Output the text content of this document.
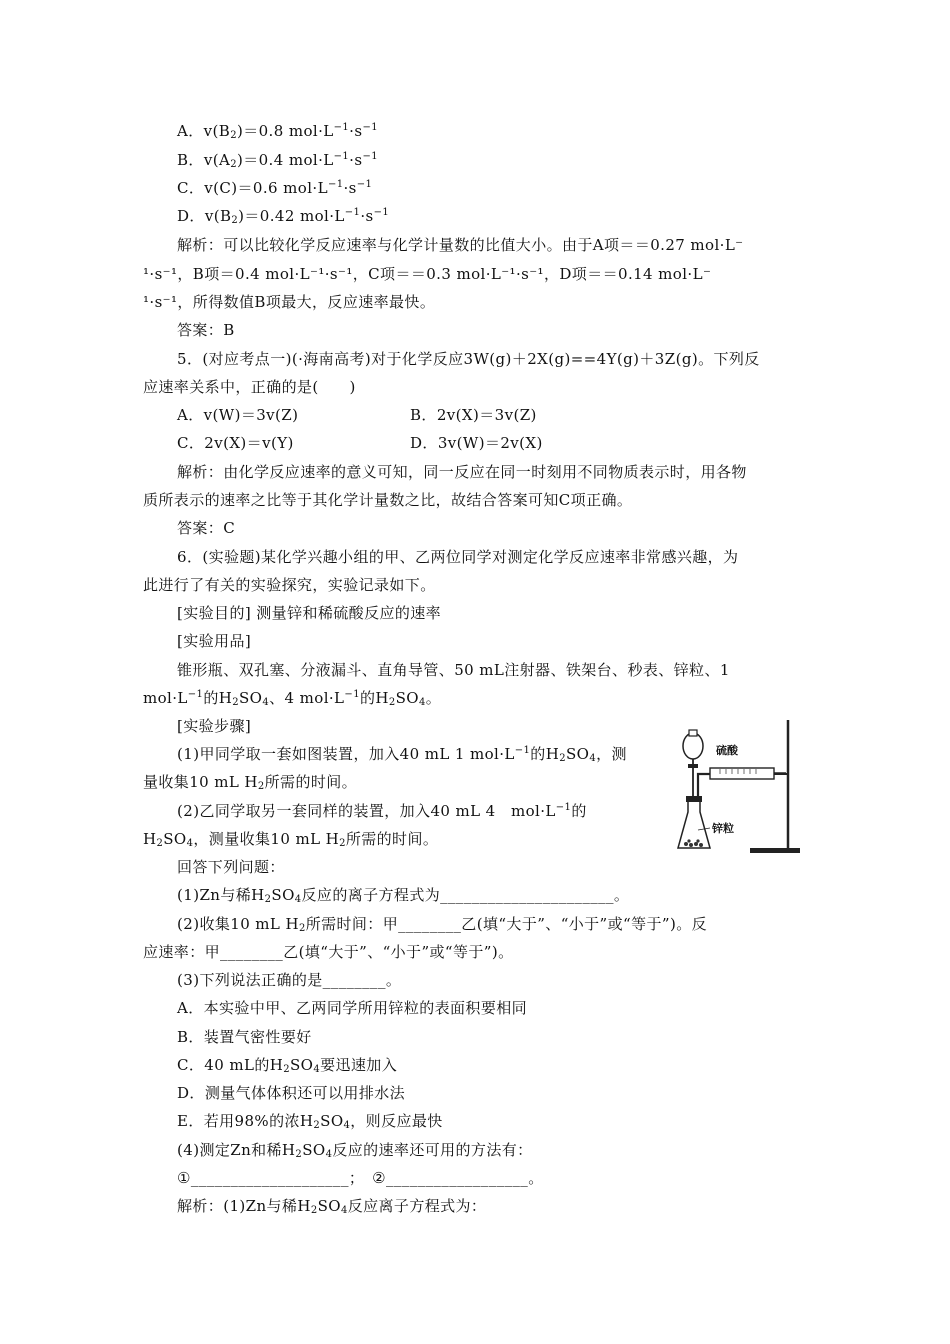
A．$v(B_2)=0.8$ $mol\cdot L^{-1}\cdot s^{-1}$
B．$v(A_2)=0.4$ $mol\cdot L^{-1}\cdot s^{-1}$
C．v(C)＝0.6 $mol\cdot L^{-1}\cdot s^{-1}$
D．$v(B_2)=0.42$ $mol\cdot L^{-1}\cdot s^{-1}$
解析：可以比较化学反应速率与化学计量数的比值大小。由于A项＝＝0.27 mol·L⁻
¹·s⁻¹，B项＝0.4 mol·L⁻¹·s⁻¹，C项＝＝0.3 mol·L⁻¹·s⁻¹，D项＝＝0.14 mol·L⁻
¹·s⁻¹，所得数值B项最大，反应速率最快。
答案：B
5．(对应考点一)(·海南高考)对于化学反应3W(g)＋2X(g)==4Y(g)＋3Z(g)。下列反
应速率关系中，正确的是(　　)
A．v(W)＝3v(Z)	B．2v(X)＝3v(Z)
C．2v(X)＝v(Y)	D．3v(W)＝2v(X)
解析：由化学反应速率的意义可知，同一反应在同一时刻用不同物质表示时，用各物
质所表示的速率之比等于其化学计量数之比，故结合答案可知C项正确。
答案：C
6．(实验题)某化学兴趣小组的甲、乙两位同学对测定化学反应速率非常感兴趣，为
此进行了有关的实验探究，实验记录如下。
[实验目的] 测量锌和稀硫酸反应的速率
[实验用品]
锥形瓶、双孔塞、分液漏斗、直角导管、50 mL注射器、铁架台、秒表、锌粒、1
$mol\cdot L^{-1}$的$H_2SO_4$、4 $mol\cdot L^{-1}$的$H_2SO_4$。
[实验步骤]
(1)甲同学取一套如图装置，加入40 mL 1 $mol\cdot L^{-1}$的$H_2SO_4$，测
量收集10 mL $H_2$所需的时间。
(2)乙同学取另一套同样的装置，加入40 mL 4　$mol\cdot L^{-1}$的
$H_2SO_4$，测量收集10 mL $H_2$所需的时间。
硫酸
锌粒
回答下列问题：
(1)Zn与稀$H_2SO_4$反应的离子方程式为______________________。
(2)收集10 mL $H_2$所需时间：甲________乙(填“大于”、“小于”或“等于”)。反
应速率：甲________乙(填“大于”、“小于”或“等于”)。
(3)下列说法正确的是________。
A．本实验中甲、乙两同学所用锌粒的表面积要相同
B．装置气密性要好
C．40 mL的$H_2SO_4$要迅速加入
D．测量气体体积还可以用排水法
E．若用98%的浓$H_2SO_4$，则反应最快
(4)测定Zn和稀$H_2SO_4$反应的速率还可用的方法有：
①____________________；　②__________________。
解析：(1)Zn与稀$H_2SO_4$反应离子方程式为：
